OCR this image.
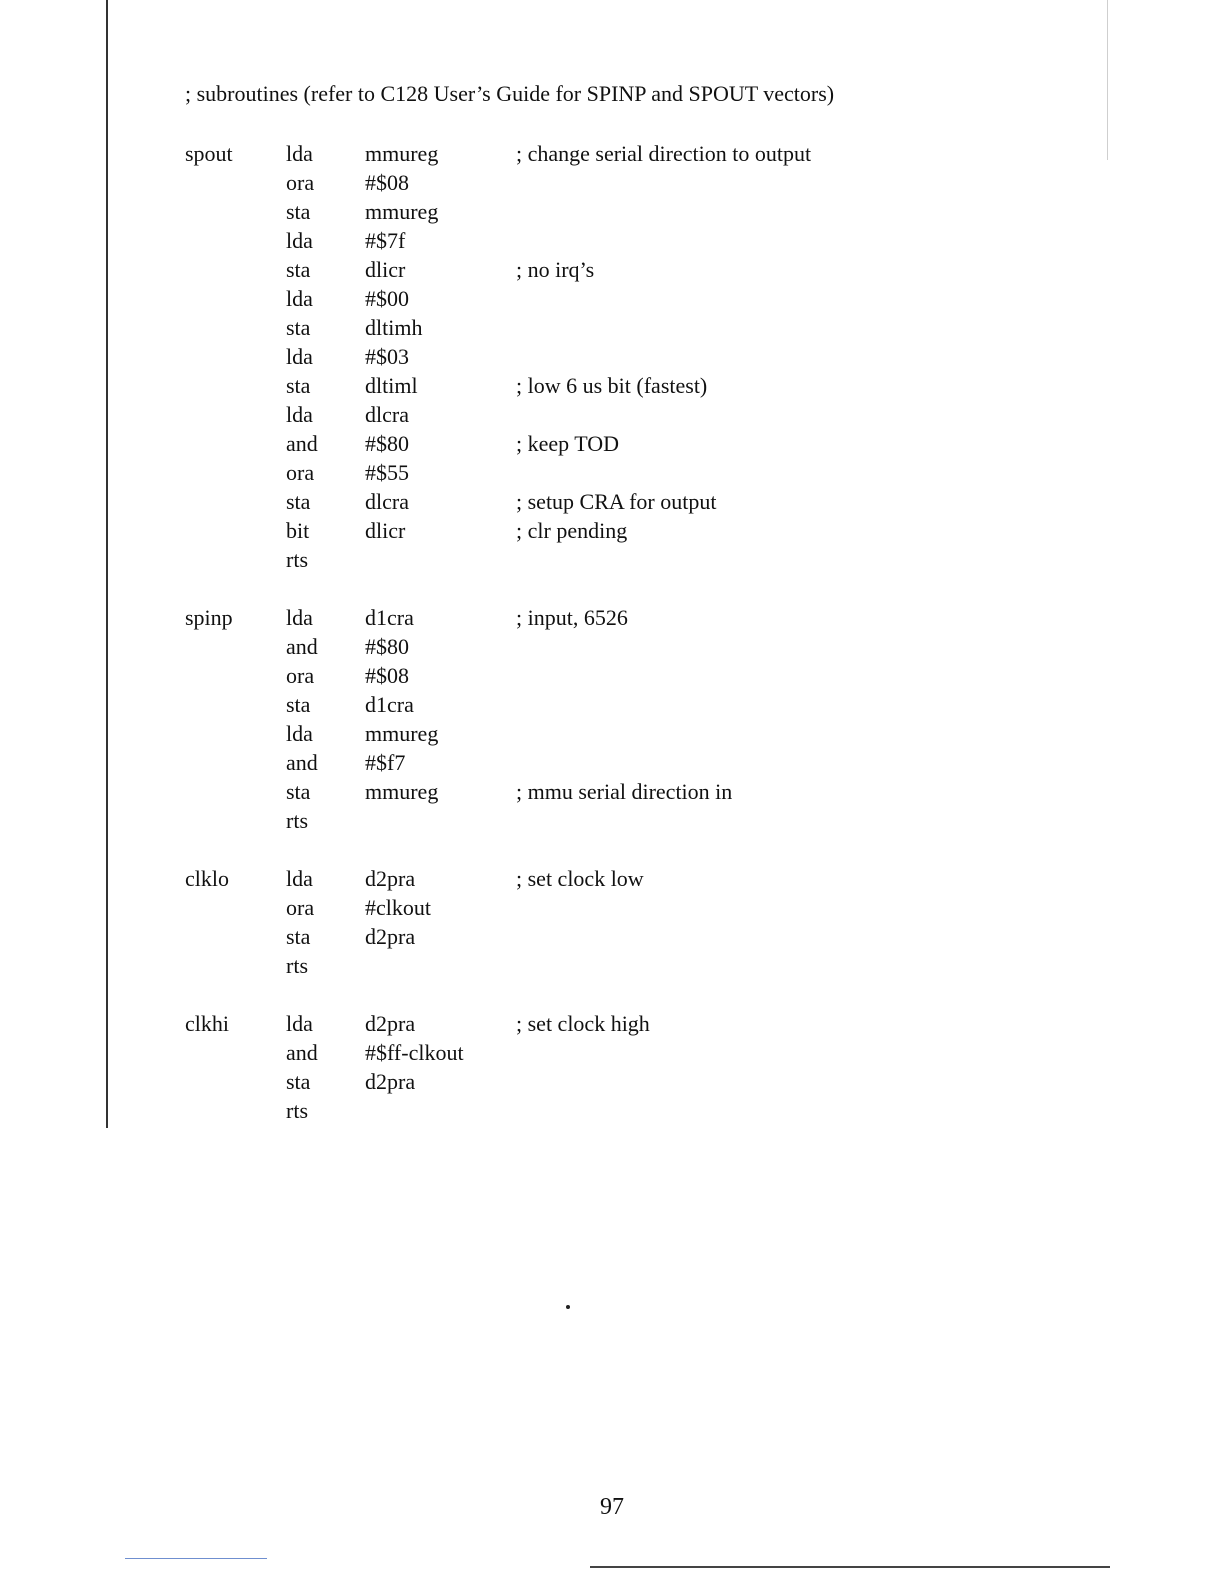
; subroutines (refer to C128 User’s Guide for SPINP and SPOUT vectors)
spout lda mmureg	; change serial direction to output
ora #$08
sta mmureg
lda #$7f
sta dlicr	; no irq’s
lda #$00
sta dltimh
lda #$03
sta dltiml	; low 6 us bit (fastest)
lda dlcra
and #$80	; keep TOD
ora #$55
sta dlcra	; setup CRA for output
bit	dlicr	; clr pending
rts
spinp lda d1cra	; input, 6526
and #$80
ora #$08
sta d1cra
lda mmureg
and #$f7
sta mmureg	; mmu serial direction in
rts
clklo	lda d2pra	; set clock low
ora #clkout
sta d2pra
rts
clkhi	lda d2pra	; set clock high
and #$ff-clkout
sta d2pra
rts
97
